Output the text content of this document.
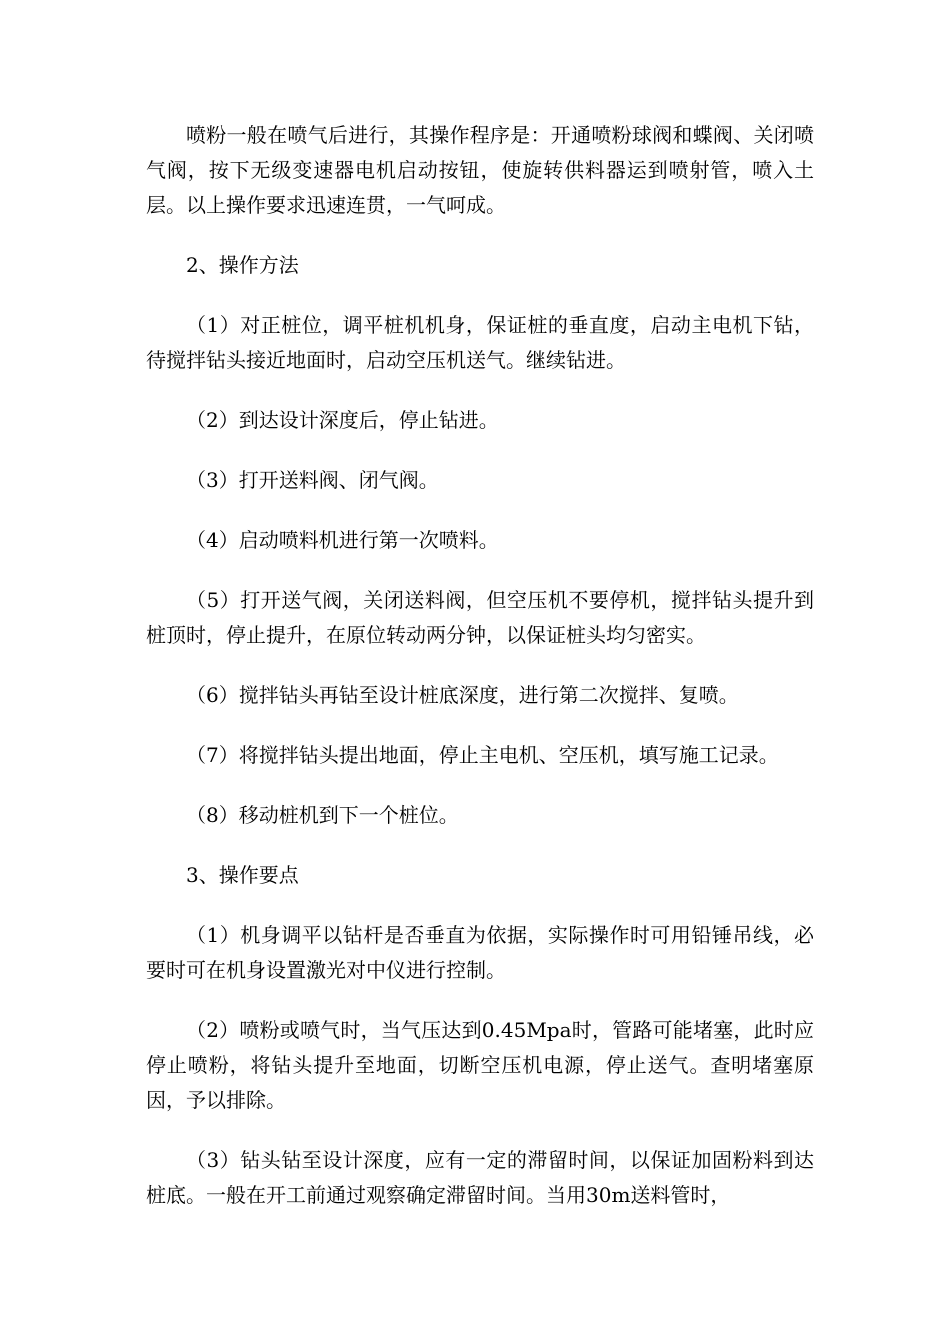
喷粉一般在喷气后进行，其操作程序是：开通喷粉球阀和蝶阀、关闭喷气阀，按下无级变速器电机启动按钮，使旋转供料器运到喷射管，喷入土层。以上操作要求迅速连贯，一气呵成。

2、操作方法

（1）对正桩位，调平桩机机身，保证桩的垂直度，启动主电机下钻，待搅拌钻头接近地面时，启动空压机送气。继续钻进。

（2）到达设计深度后，停止钻进。

（3）打开送料阀、闭气阀。

（4）启动喷料机进行第一次喷料。

（5）打开送气阀，关闭送料阀，但空压机不要停机，搅拌钻头提升到桩顶时，停止提升，在原位转动两分钟，以保证桩头均匀密实。

（6）搅拌钻头再钻至设计桩底深度，进行第二次搅拌、复喷。

（7）将搅拌钻头提出地面，停止主电机、空压机，填写施工记录。

（8）移动桩机到下一个桩位。

3、操作要点

（1）机身调平以钻杆是否垂直为依据，实际操作时可用铅锤吊线，必要时可在机身设置激光对中仪进行控制。

（2）喷粉或喷气时，当气压达到0.45Mpa时，管路可能堵塞，此时应停止喷粉，将钻头提升至地面，切断空压机电源，停止送气。查明堵塞原因，予以排除。

（3）钻头钻至设计深度，应有一定的滞留时间，以保证加固粉料到达桩底。一般在开工前通过观察确定滞留时间。当用30m送料管时，
